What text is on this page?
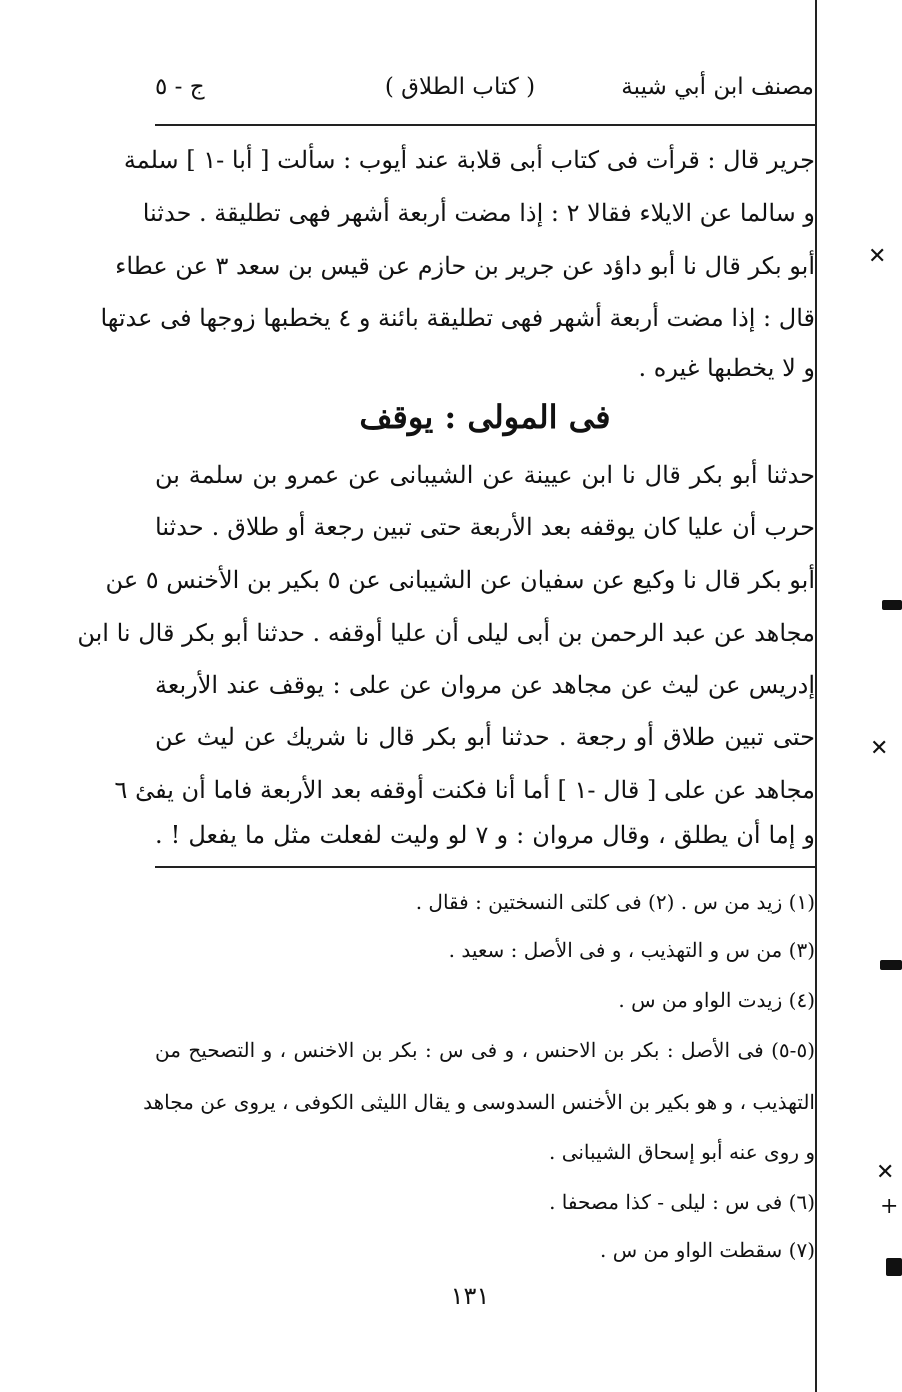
مصنف ابن أبي شيبة
( كتاب الطلاق )
ج - ٥
جرير قال : قرأت فى كتاب أبى قلابة عند أيوب : سألت [ أبا -١ ] سلمة
و سالما عن الايلاء فقالا ٢ : إذا مضت أربعة أشهر فهى تطليقة . حدثنا
أبو بكر قال نا أبو داؤد عن جرير بن حازم عن قيس بن سعد ٣ عن عطاء
قال : إذا مضت أربعة أشهر فهى تطليقة بائنة و ٤ يخطبها زوجها فى عدتها
و لا يخطبها غيره .
فى المولى : يوقف
حدثنا أبو بكر قال نا ابن عيينة عن الشيبانى عن عمرو بن سلمة بن
حرب أن عليا كان يوقفه بعد الأربعة حتى تبين رجعة أو طلاق . حدثنا
أبو بكر قال نا وكيع عن سفيان عن الشيبانى عن ٥ بكير بن الأخنس ٥ عن
مجاهد عن عبد الرحمن بن أبى ليلى أن عليا أوقفه . حدثنا أبو بكر قال نا ابن
إدريس عن ليث عن مجاهد عن مروان عن على : يوقف عند الأربعة
حتى تبين طلاق أو رجعة . حدثنا أبو بكر قال نا شريك عن ليث عن
مجاهد عن على [ قال -١ ] أما أنا فكنت أوقفه بعد الأربعة فاما أن يفئ ٦
و إما أن يطلق ، وقال مروان : و ٧ لو وليت لفعلت مثل ما يفعل ! .
(١) زيد من س . (٢) فى كلتى النسختين : فقال .
(٣) من س و التهذيب ، و فى الأصل : سعيد .
(٤) زيدت الواو من س .
(٥-٥) فى الأصل : بكر بن الاحنس ، و فى س : بكر بن الاخنس ، و التصحيح من
التهذيب ، و هو بكير بن الأخنس السدوسى و يقال الليثى الكوفى ، يروى عن مجاهد
و روى عنه أبو إسحاق الشيبانى .
(٦) فى س : ليلى - كذا مصحفا .
(٧) سقطت الواو من س .
١٣١
✕
✕
✕
+
